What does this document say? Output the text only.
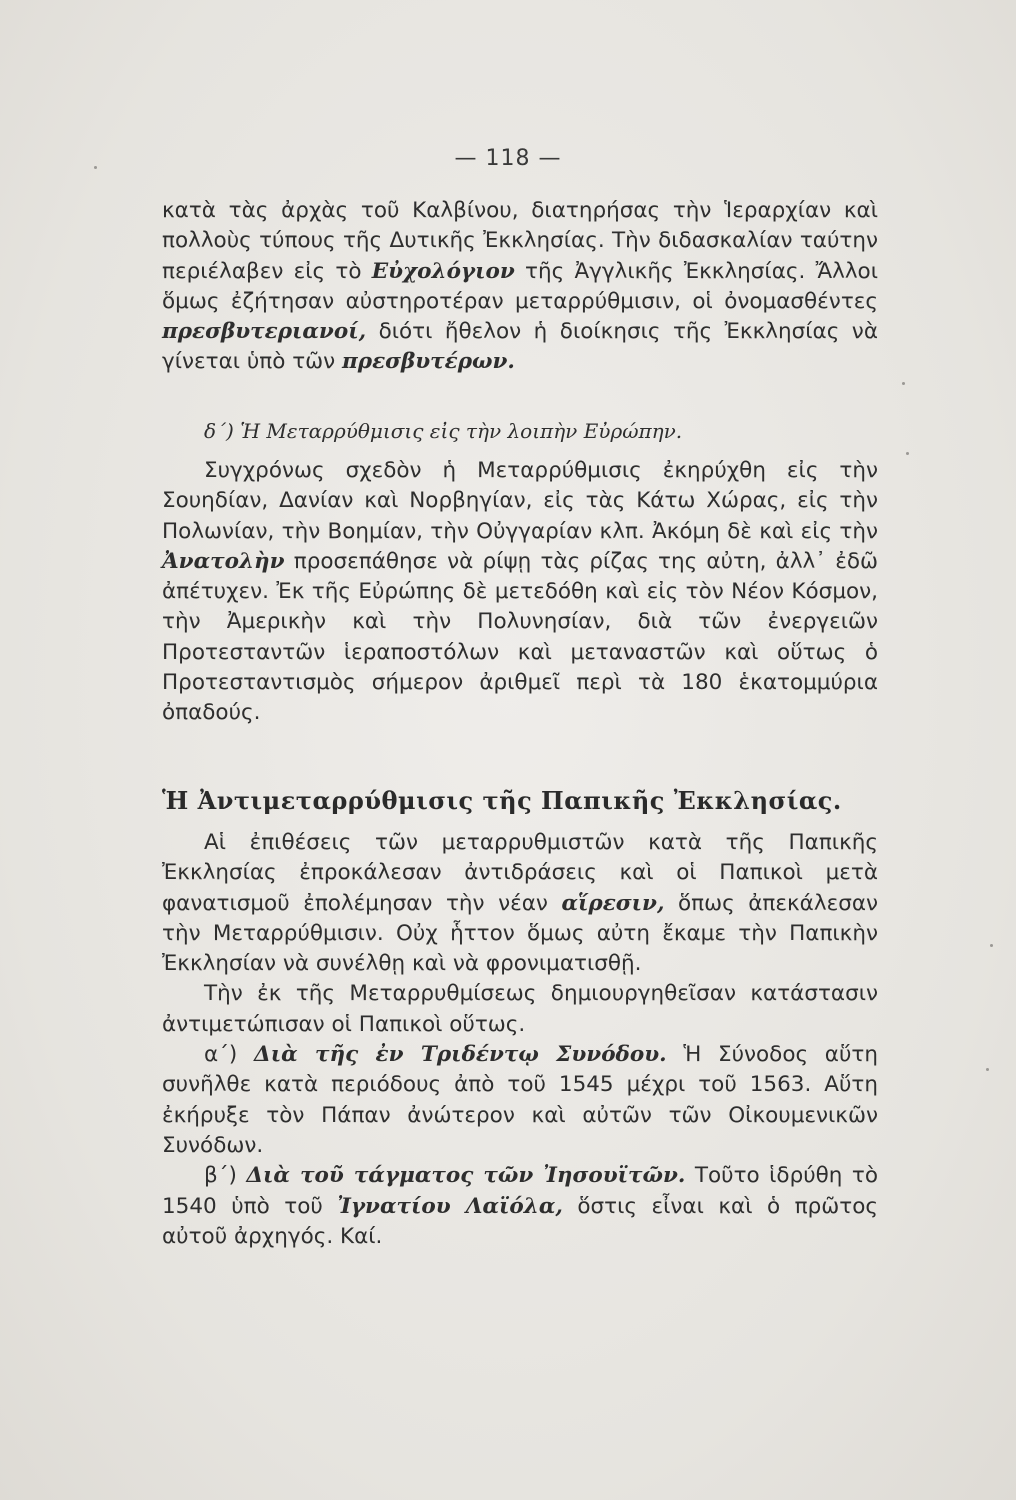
— 118 —

κατὰ τὰς ἀρχὰς τοῦ Καλβίνου, διατηρήσας τὴν Ἱεραρχίαν καὶ πολλοὺς τύπους τῆς Δυτικῆς Ἐκκλησίας. Τὴν διδασκαλίαν ταύτην περιέλαβεν εἰς τὸ Εὐχολόγιον τῆς Ἀγγλικῆς Ἐκκλησίας. Ἄλλοι ὅμως ἐζήτησαν αὐστηροτέραν μεταρρύθμισιν, οἱ ὀνομασθέντες πρεσβυτεριανοί, διότι ἤθελον ἡ διοίκησις τῆς Ἐκκλησίας νὰ γίνεται ὑπὸ τῶν πρεσβυτέρων.

δ΄) Ἡ Μεταρρύθμισις εἰς τὴν λοιπὴν Εὐρώπην.

Συγχρόνως σχεδὸν ἡ Μεταρρύθμισις ἐκηρύχθη εἰς τὴν Σουηδίαν, Δανίαν καὶ Νορβηγίαν, εἰς τὰς Κάτω Χώρας, εἰς τὴν Πολωνίαν, τὴν Βοημίαν, τὴν Οὐγγαρίαν κλπ. Ἀκόμη δὲ καὶ εἰς τὴν Ἀνατολὴν προσεπάθησε νὰ ρίψῃ τὰς ρίζας της αὐτη, ἀλλ᾿ ἐδῶ ἀπέτυχεν. Ἐκ τῆς Εὐρώπης δὲ μετεδόθη καὶ εἰς τὸν Νέον Κόσμον, τὴν Ἀμερικὴν καὶ τὴν Πολυνησίαν, διὰ τῶν ἐνεργειῶν Προτεσταντῶν ἱεραποστόλων καὶ μεταναστῶν καὶ οὕτως ὁ Προτεσταντισμὸς σήμερον ἀριθμεῖ περὶ τὰ 180 ἑκατομμύρια ὀπαδούς.

Ἡ Ἀντιμεταρρύθμισις τῆς Παπικῆς Ἐκκλησίας.

Αἱ ἐπιθέσεις τῶν μεταρρυθμιστῶν κατὰ τῆς Παπικῆς Ἐκκλησίας ἐπροκάλεσαν ἀντιδράσεις καὶ οἱ Παπικοὶ μετὰ φανατισμοῦ ἐπολέμησαν τὴν νέαν αἵρεσιν, ὅπως ἀπεκάλεσαν τὴν Μεταρρύθμισιν. Οὐχ ἧττον ὅμως αὐτη ἔκαμε τὴν Παπικὴν Ἐκκλησίαν νὰ συνέλθῃ καὶ νὰ φρονιματισθῇ.

Τὴν ἐκ τῆς Μεταρρυθμίσεως δημιουργηθεῖσαν κατάστασιν ἀντιμετώπισαν οἱ Παπικοὶ οὕτως.

α΄) Διὰ τῆς ἐν Τριδέντῳ Συνόδου. Ἡ Σύνοδος αὕτη συνῆλθε κατὰ περιόδους ἀπὸ τοῦ 1545 μέχρι τοῦ 1563. Αὕτη ἐκήρυξε τὸν Πάπαν ἀνώτερον καὶ αὐτῶν τῶν Οἰκουμενικῶν Συνόδων.

β΄) Διὰ τοῦ τάγματος τῶν Ἰησουϊτῶν. Τοῦτο ἱδρύθη τὸ 1540 ὑπὸ τοῦ Ἰγνατίου Λαϊόλα, ὅστις εἶναι καὶ ὁ πρῶτος αὐτοῦ ἀρχηγός. Καί.
